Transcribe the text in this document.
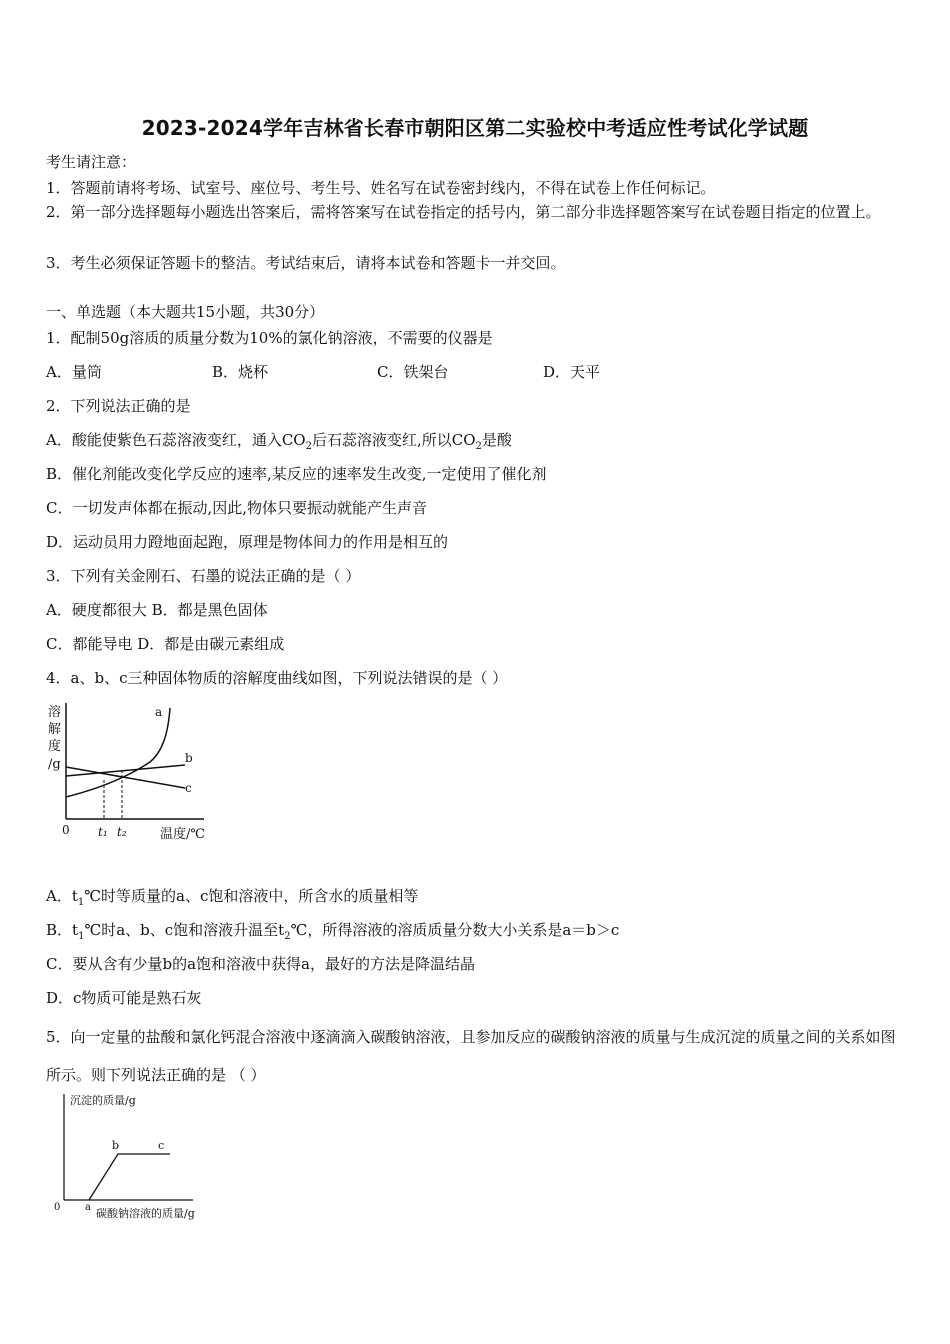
2023-2024学年吉林省长春市朝阳区第二实验校中考适应性考试化学试题
考生请注意：
1．答题前请将考场、试室号、座位号、考生号、姓名写在试卷密封线内，不得在试卷上作任何标记。
2．第一部分选择题每小题选出答案后，需将答案写在试卷指定的括号内，第二部分非选择题答案写在试卷题目指定的位置上。
3．考生必须保证答题卡的整洁。考试结束后，请将本试卷和答题卡一并交回。
一、单选题（本大题共15小题，共30分）
1．配制50g溶质的质量分数为10%的氯化钠溶液，不需要的仪器是
A．量筒	B．烧杯	C．铁架台	D．天平
2．下列说法正确的是
A．酸能使紫色石蕊溶液变红，通入$CO_2$后石蕊溶液变红,所以$CO_2$是酸
B．催化剂能改变化学反应的速率,某反应的速率发生改变,一定使用了催化剂
C．一切发声体都在振动,因此,物体只要振动就能产生声音
D．运动员用力蹬地面起跑，原理是物体间力的作用是相互的
3．下列有关金刚石、石墨的说法正确的是（ ）
A．硬度都很大 B．都是黑色固体
C．都能导电 D．都是由碳元素组成
4．a、b、c三种固体物质的溶解度曲线如图，下列说法错误的是（ ）
溶
解
度
/g
a
b
c
0 t₁ t₂	温度/℃
A．$t_1℃$时等质量的a、c饱和溶液中，所含水的质量相等
B．$t_1℃$时a、b、c饱和溶液升温至$t_2℃$，所得溶液的溶质质量分数大小关系是a＝b＞c
C．要从含有少量b的a饱和溶液中获得a，最好的方法是降温结晶
D．c物质可能是熟石灰
5．向一定量的盐酸和氯化钙混合溶液中逐滴滴入碳酸钠溶液，且参加反应的碳酸钠溶液的质量与生成沉淀的质量之间的关系如图所示。则下列说法正确的是 （ ）
沉淀的质量/g
b	c
a
0	碳酸钠溶液的质量/g
